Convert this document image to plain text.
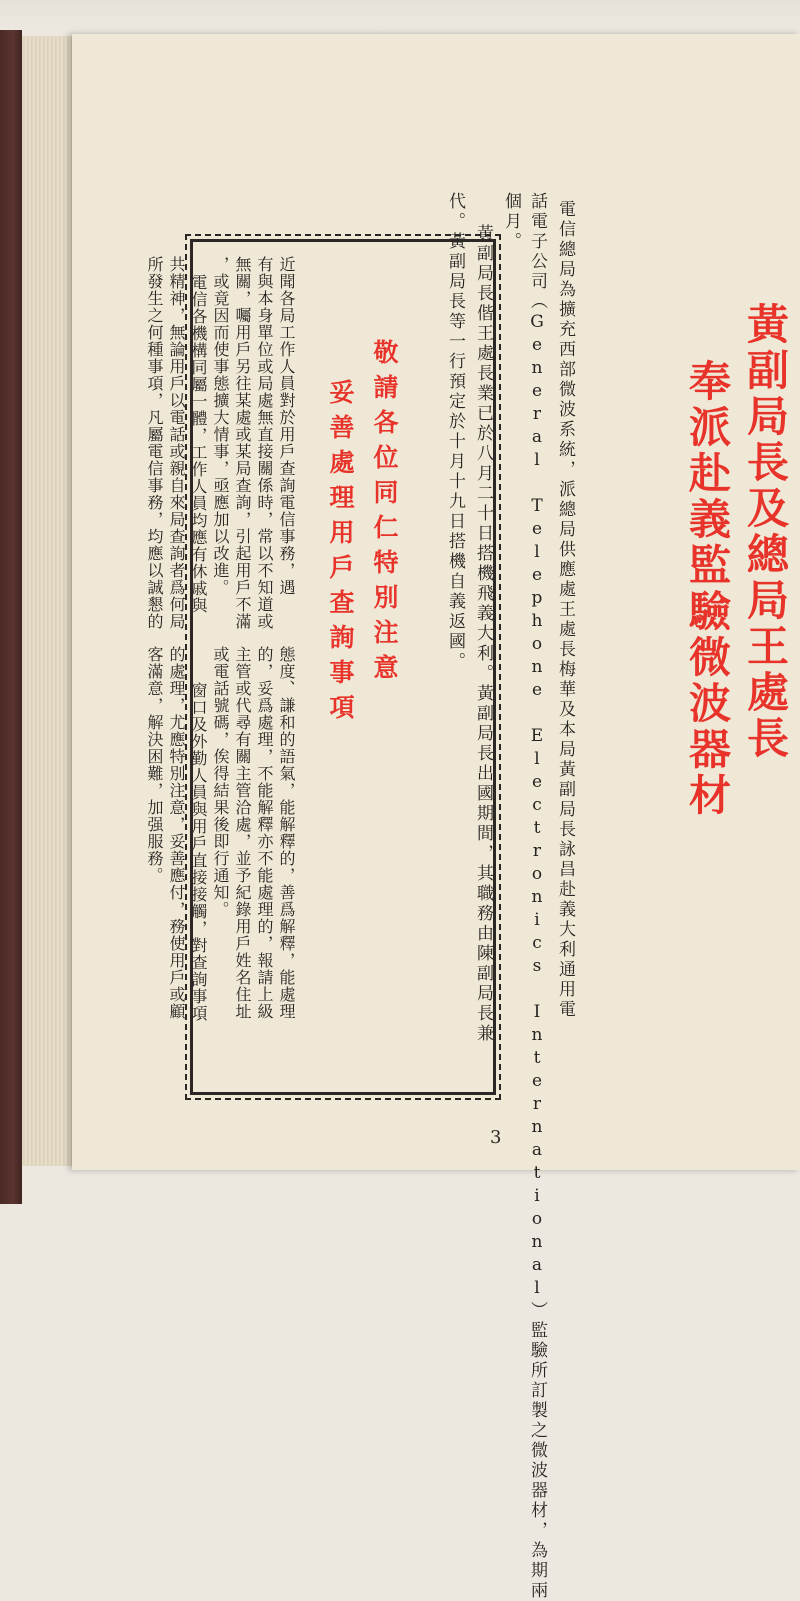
黃副局長及總局王處長
奉派赴義監驗微波器材
電信總局為擴充西部微波系統，派總局供應處王處長梅華及本局黃副局長詠昌赴義大利通用電
話電子公司（General Telephone Electronics International）監驗所訂製之微波器材，為期兩
個月。
黃副局長偕王處長業已於八月二十日搭機飛義大利。黃副局長出國期間，其職務由陳副局長兼
代。黃副局長等一行預定於十月十九日搭機自義返國。
敬請各位同仁特別注意
妥善處理用戶查詢事項
近聞各局工作人員對於用戶查詢電信事務，遇
有與本身單位或局處無直接關係時，常以不知道或
無關，囑用戶另往某處或某局查詢，引起用戶不滿
，或竟因而使事態擴大情事，亟應加以改進。
電信各機構同屬一體，工作人員均應有休戚與
共精神，無論用戶以電話或親自來局查詢者爲何局
所發生之何種事項，凡屬電信事務，均應以誠懇的
態度、謙和的語氣，能解釋的，善爲解釋，能處理
的，妥爲處理，不能解釋亦不能處理的，報請上級
主管或代尋有關主管洽處，並予紀錄用戶姓名住址
或電話號碼，俟得結果後即行通知。
窗口及外勤人員與用戶直接接觸，對查詢事項
的處理，尤應特別注意，妥善應付，務使用戶或顧
客滿意，解決困難，加强服務。
3
